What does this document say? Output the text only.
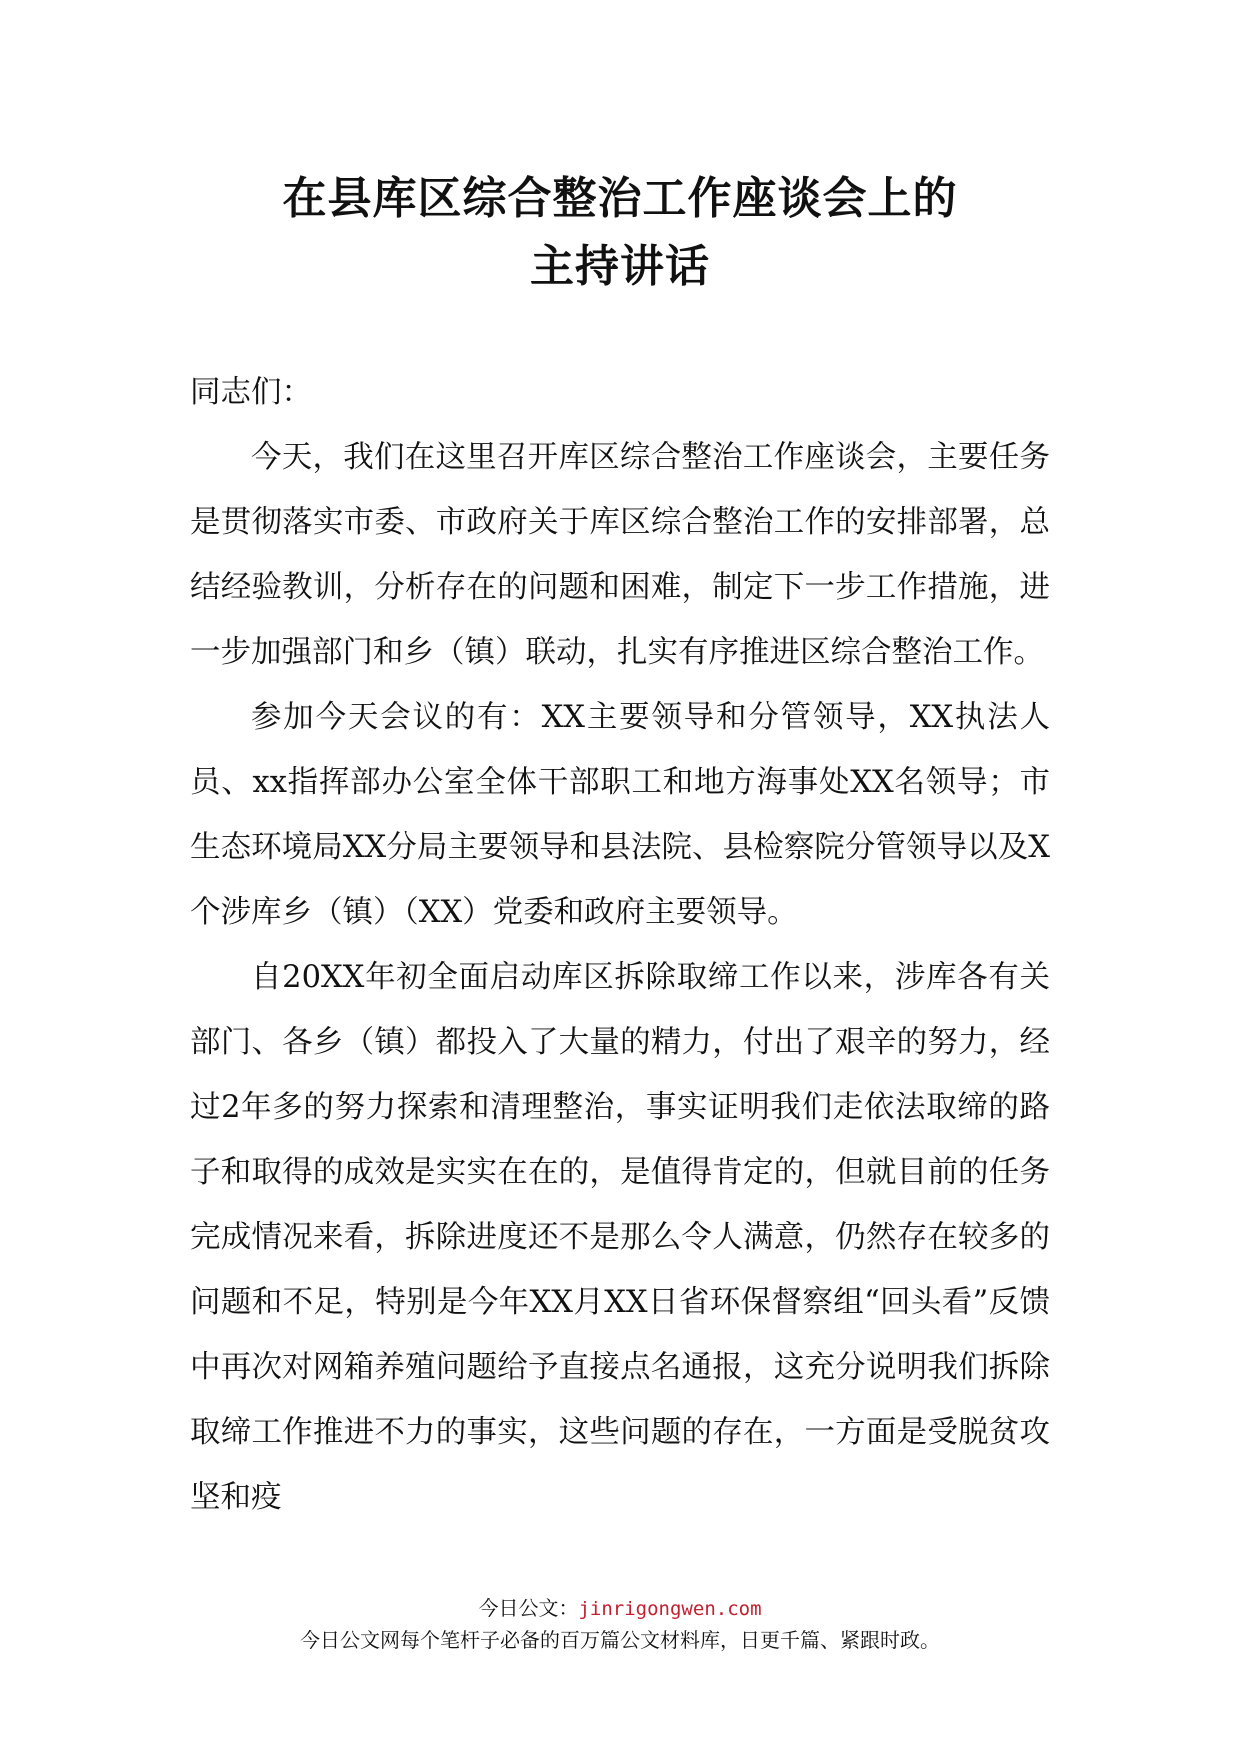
在县库区综合整治工作座谈会上的
主持讲话

同志们：

今天，我们在这里召开库区综合整治工作座谈会，主要任务是贯彻落实市委、市政府关于库区综合整治工作的安排部署，总结经验教训，分析存在的问题和困难，制定下一步工作措施，进一步加强部门和乡（镇）联动，扎实有序推进区综合整治工作。

参加今天会议的有：XX主要领导和分管领导，XX执法人员、xx指挥部办公室全体干部职工和地方海事处XX名领导；市生态环境局XX分局主要领导和县法院、县检察院分管领导以及X个涉库乡（镇）（XX）党委和政府主要领导。

自20XX年初全面启动库区拆除取缔工作以来，涉库各有关部门、各乡（镇）都投入了大量的精力，付出了艰辛的努力，经过2年多的努力探索和清理整治，事实证明我们走依法取缔的路子和取得的成效是实实在在的，是值得肯定的，但就目前的任务完成情况来看，拆除进度还不是那么令人满意，仍然存在较多的问题和不足，特别是今年XX月XX日省环保督察组“回头看”反馈中再次对网箱养殖问题给予直接点名通报，这充分说明我们拆除取缔工作推进不力的事实，这些问题的存在，一方面是受脱贫攻坚和疫

今日公文：jinrigongwen.com
今日公文网每个笔杆子必备的百万篇公文材料库，日更千篇、紧跟时政。
